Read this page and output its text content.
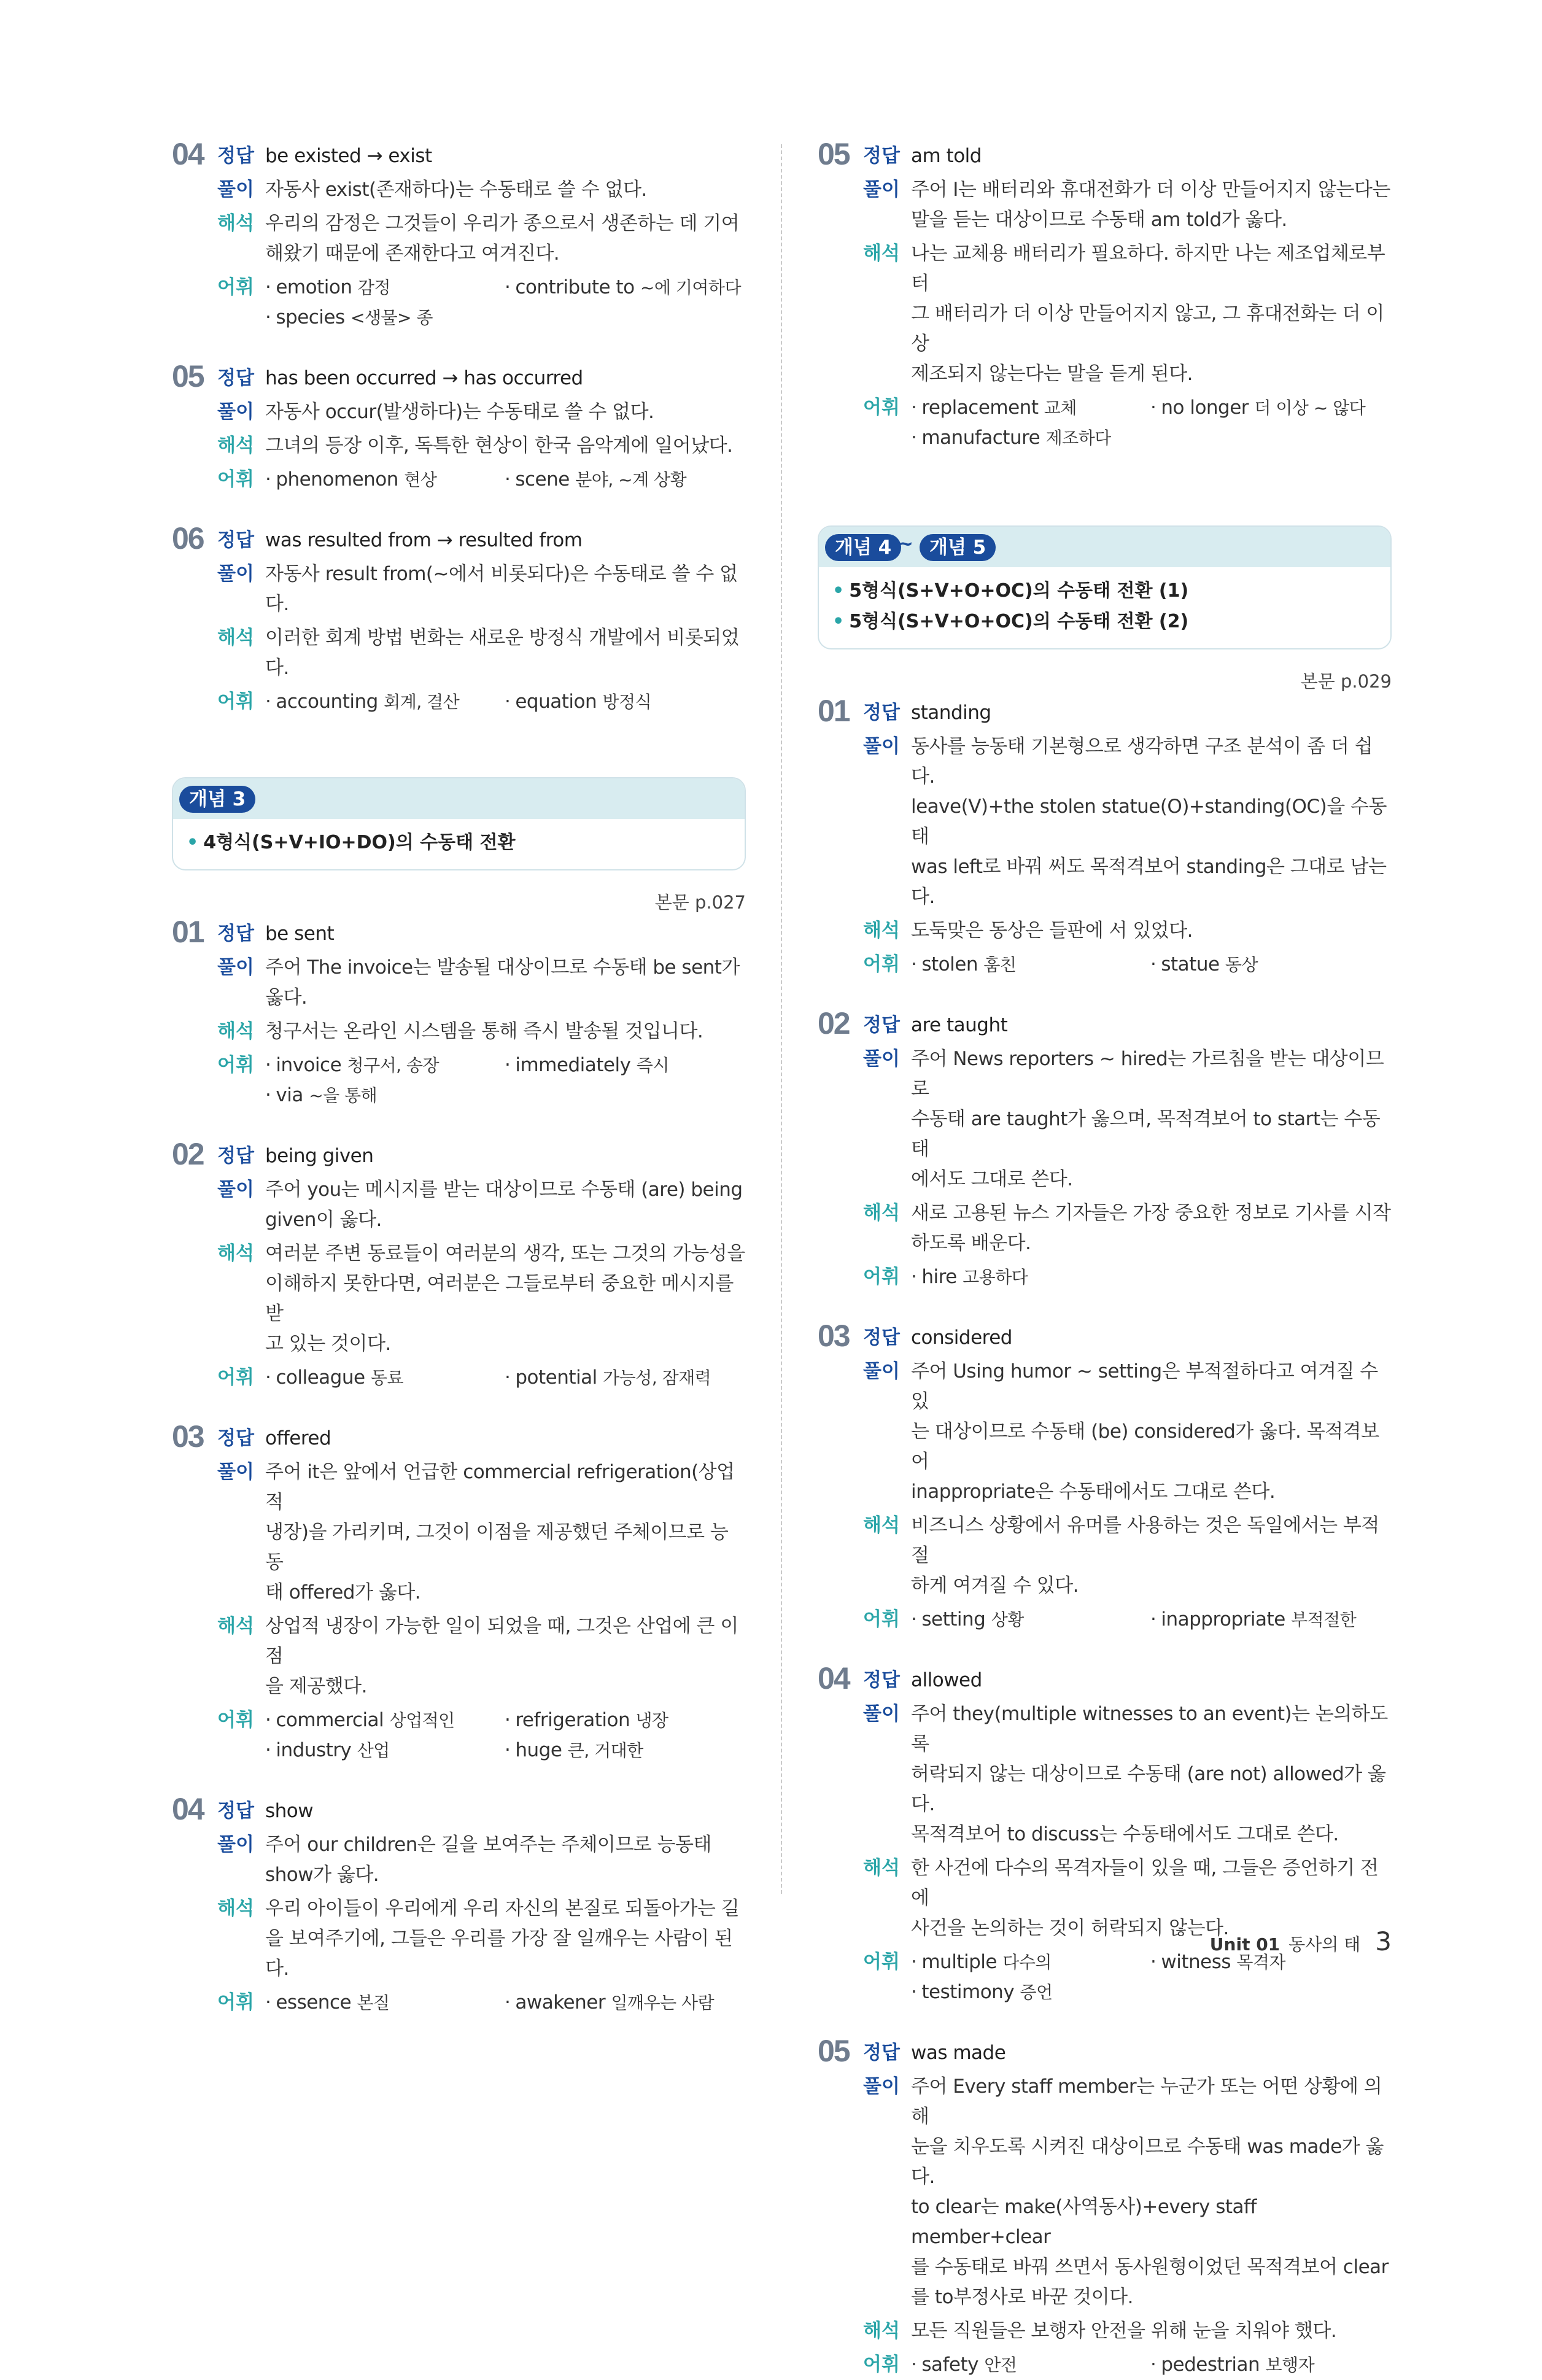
04 정답 be existed → exist
풀이 자동사 exist(존재하다)는 수동태로 쓸 수 없다.
해석 우리의 감정은 그것들이 우리가 종으로서 생존하는 데 기여
해왔기 때문에 존재한다고 여겨진다.
어휘 · emotion 감정	· contribute to ~에 기여하다
· species <생물> 종
05 정답 has been occurred → has occurred
풀이 자동사 occur(발생하다)는 수동태로 쓸 수 없다.
해석 그녀의 등장 이후, 독특한 현상이 한국 음악계에 일어났다.
어휘 · phenomenon 현상	· scene 분야, ~계 상황
06 정답 was resulted from → resulted from
풀이 자동사 result from(~에서 비롯되다)은 수동태로 쓸 수 없다.
해석 이러한 회계 방법 변화는 새로운 방정식 개발에서 비롯되었다.
어휘 · accounting 회계, 결산	· equation 방정식
개념 3
• 4형식(S+V+IO+DO)의 수동태 전환
본문 p.027
01 정답 be sent
풀이 주어 The invoice는 발송될 대상이므로 수동태 be sent가
옳다.
해석 청구서는 온라인 시스템을 통해 즉시 발송될 것입니다.
어휘 · invoice 청구서, 송장	· immediately 즉시
· via ~을 통해
02 정답 being given
풀이 주어 you는 메시지를 받는 대상이므로 수동태 (are) being
given이 옳다.
해석 여러분 주변 동료들이 여러분의 생각, 또는 그것의 가능성을
이해하지 못한다면, 여러분은 그들로부터 중요한 메시지를 받
고 있는 것이다.
어휘 · colleague 동료	· potential 가능성, 잠재력
03 정답 offered
풀이 주어 it은 앞에서 언급한 commercial refrigeration(상업적
냉장)을 가리키며, 그것이 이점을 제공했던 주체이므로 능동
태 offered가 옳다.
해석 상업적 냉장이 가능한 일이 되었을 때, 그것은 산업에 큰 이점
을 제공했다.
어휘 · commercial 상업적인	· refrigeration 냉장
· industry 산업	· huge 큰, 거대한
04 정답 show
풀이 주어 our children은 길을 보여주는 주체이므로 능동태
show가 옳다.
해석 우리 아이들이 우리에게 우리 자신의 본질로 되돌아가는 길
을 보여주기에, 그들은 우리를 가장 잘 일깨우는 사람이 된다.
어휘 · essence 본질	· awakener 일깨우는 사람
05 정답 am told
풀이 주어 I는 배터리와 휴대전화가 더 이상 만들어지지 않는다는
말을 듣는 대상이므로 수동태 am told가 옳다.
해석 나는 교체용 배터리가 필요하다. 하지만 나는 제조업체로부터
그 배터리가 더 이상 만들어지지 않고, 그 휴대전화는 더 이상
제조되지 않는다는 말을 듣게 된다.
어휘 · replacement 교체	· no longer 더 이상 ~ 않다
· manufacture 제조하다
개념 4 ~ 개념 5
• 5형식(S+V+O+OC)의 수동태 전환 (1)
• 5형식(S+V+O+OC)의 수동태 전환 (2)
본문 p.029
01 정답 standing
풀이 동사를 능동태 기본형으로 생각하면 구조 분석이 좀 더 쉽다.
leave(V)+the stolen statue(O)+standing(OC)을 수동태
was left로 바꿔 써도 목적격보어 standing은 그대로 남는다.
해석 도둑맞은 동상은 들판에 서 있었다.
어휘 · stolen 훔친	· statue 동상
02 정답 are taught
풀이 주어 News reporters ~ hired는 가르침을 받는 대상이므로
수동태 are taught가 옳으며, 목적격보어 to start는 수동태
에서도 그대로 쓴다.
해석 새로 고용된 뉴스 기자들은 가장 중요한 정보로 기사를 시작
하도록 배운다.
어휘 · hire 고용하다
03 정답 considered
풀이 주어 Using humor ~ setting은 부적절하다고 여겨질 수 있
는 대상이므로 수동태 (be) considered가 옳다. 목적격보어
inappropriate은 수동태에서도 그대로 쓴다.
해석 비즈니스 상황에서 유머를 사용하는 것은 독일에서는 부적절
하게 여겨질 수 있다.
어휘 · setting 상황	· inappropriate 부적절한
04 정답 allowed
풀이 주어 they(multiple witnesses to an event)는 논의하도록
허락되지 않는 대상이므로 수동태 (are not) allowed가 옳다.
목적격보어 to discuss는 수동태에서도 그대로 쓴다.
해석 한 사건에 다수의 목격자들이 있을 때, 그들은 증언하기 전에
사건을 논의하는 것이 허락되지 않는다.
어휘 · multiple 다수의	· witness 목격자
· testimony 증언
05 정답 was made
풀이 주어 Every staff member는 누군가 또는 어떤 상황에 의해
눈을 치우도록 시켜진 대상이므로 수동태 was made가 옳다.
to clear는 make(사역동사)+every staff member+clear
를 수동태로 바꿔 쓰면서 동사원형이었던 목적격보어 clear
를 to부정사로 바꾼 것이다.
해석 모든 직원들은 보행자 안전을 위해 눈을 치워야 했다.
어휘 · safety 안전	· pedestrian 보행자
Unit 01 동사의 태 3
